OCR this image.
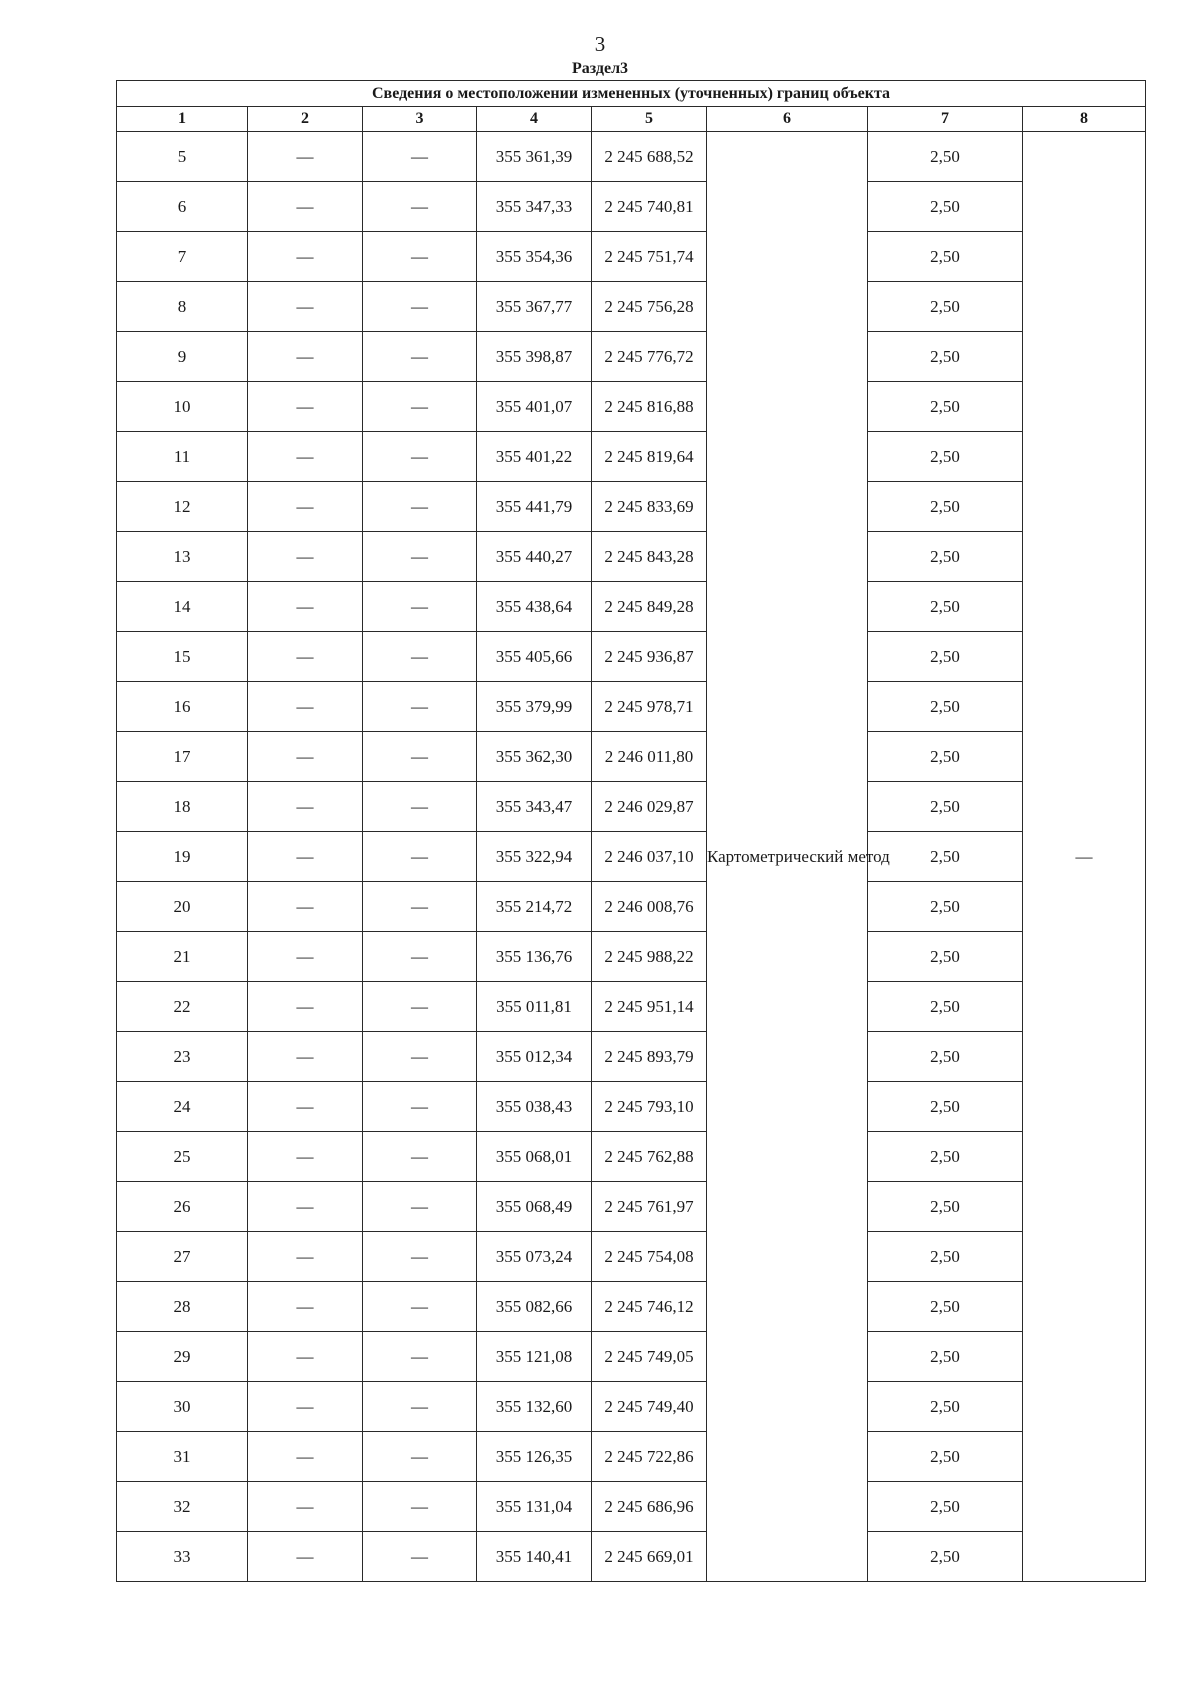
3
Раздел3
Сведения о местоположении измененных (уточненных) границ объекта							
1	2	3	4	5	6	7	8
5	—	—	355 361,39	2 245 688,52	Картометрический метод	2,50	—
6	—	—	355 347,33	2 245 740,81		2,50	
7	—	—	355 354,36	2 245 751,74		2,50	
8	—	—	355 367,77	2 245 756,28		2,50	
9	—	—	355 398,87	2 245 776,72		2,50	
10	—	—	355 401,07	2 245 816,88		2,50	
11	—	—	355 401,22	2 245 819,64		2,50	
12	—	—	355 441,79	2 245 833,69		2,50	
13	—	—	355 440,27	2 245 843,28		2,50	
14	—	—	355 438,64	2 245 849,28		2,50	
15	—	—	355 405,66	2 245 936,87		2,50	
16	—	—	355 379,99	2 245 978,71		2,50	
17	—	—	355 362,30	2 246 011,80		2,50	
18	—	—	355 343,47	2 246 029,87		2,50	
19	—	—	355 322,94	2 246 037,10		2,50	
20	—	—	355 214,72	2 246 008,76		2,50	
21	—	—	355 136,76	2 245 988,22		2,50	
22	—	—	355 011,81	2 245 951,14		2,50	
23	—	—	355 012,34	2 245 893,79		2,50	
24	—	—	355 038,43	2 245 793,10		2,50	
25	—	—	355 068,01	2 245 762,88		2,50	
26	—	—	355 068,49	2 245 761,97		2,50	
27	—	—	355 073,24	2 245 754,08		2,50	
28	—	—	355 082,66	2 245 746,12		2,50	
29	—	—	355 121,08	2 245 749,05		2,50	
30	—	—	355 132,60	2 245 749,40		2,50	
31	—	—	355 126,35	2 245 722,86		2,50	
32	—	—	355 131,04	2 245 686,96		2,50	
33	—	—	355 140,41	2 245 669,01		2,50	
